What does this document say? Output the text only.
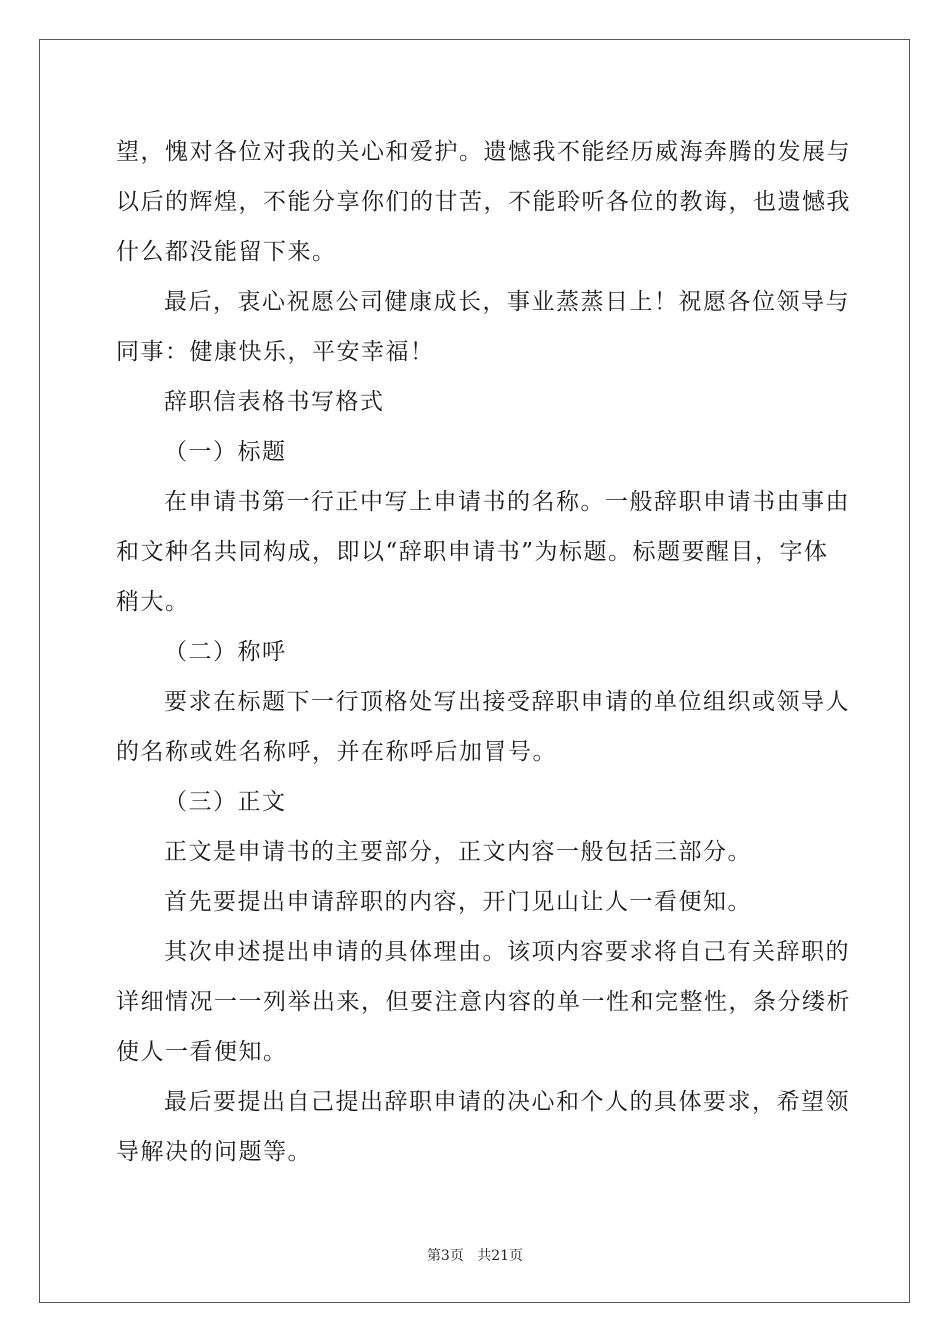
望，愧对各位对我的关心和爱护。遗憾我不能经历威海奔腾的发展与
以后的辉煌，不能分享你们的甘苦，不能聆听各位的教诲，也遗憾我
什么都没能留下来。
最后，衷心祝愿公司健康成长，事业蒸蒸日上！祝愿各位领导与
同事：健康快乐，平安幸福！
辞职信表格书写格式
（一）标题
在申请书第一行正中写上申请书的名称。一般辞职申请书由事由
和文种名共同构成，即以“辞职申请书”为标题。标题要醒目，字体
稍大。
（二）称呼
要求在标题下一行顶格处写出接受辞职申请的单位组织或领导人
的名称或姓名称呼，并在称呼后加冒号。
（三）正文
正文是申请书的主要部分，正文内容一般包括三部分。
首先要提出申请辞职的内容，开门见山让人一看便知。
其次申述提出申请的具体理由。该项内容要求将自己有关辞职的
详细情况一一列举出来，但要注意内容的单一性和完整性，条分缕析
使人一看便知。
最后要提出自己提出辞职申请的决心和个人的具体要求，希望领
导解决的问题等。
第3页 共21页
